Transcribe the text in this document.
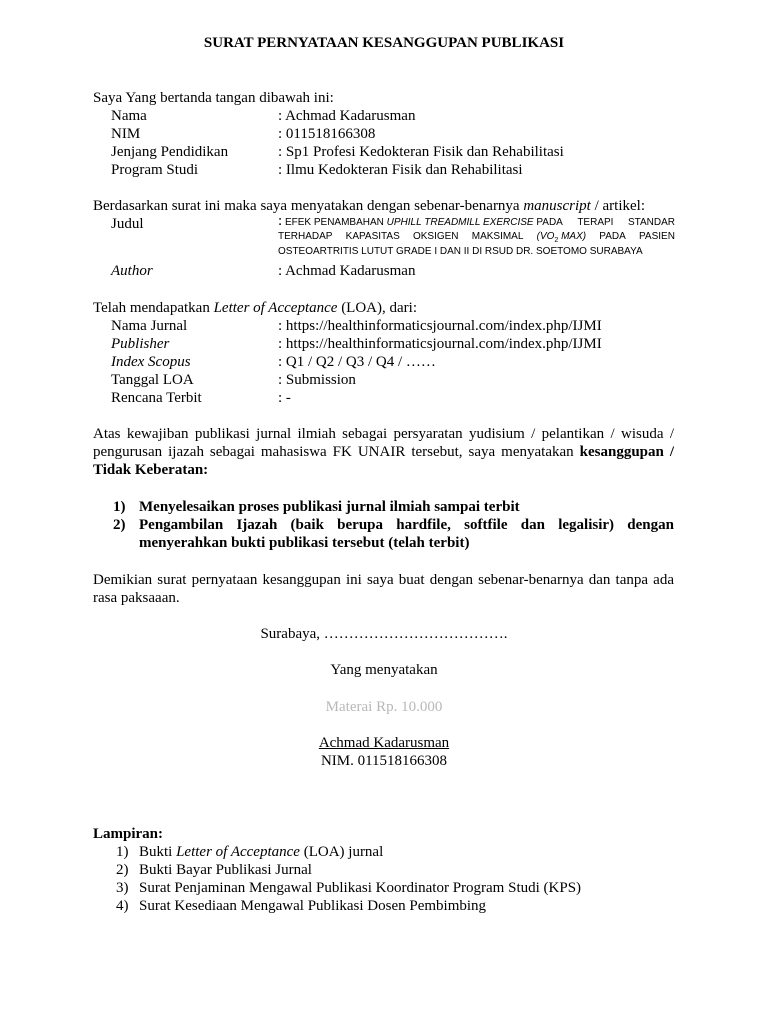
SURAT PERNYATAAN KESANGGUPAN PUBLIKASI
Saya Yang bertanda tangan dibawah ini:
Nama	: Achmad Kadarusman
NIM	: 011518166308
Jenjang Pendidikan	: Sp1 Profesi Kedokteran Fisik dan Rehabilitasi
Program Studi	: Ilmu Kedokteran Fisik dan Rehabilitasi
Berdasarkan surat ini maka saya menyatakan dengan sebenar-benarnya manuscript / artikel:
Judul	: EFEK PENAMBAHAN UPHILL TREADMILL EXERCISE PADA TERAPI STANDAR
TERHADAP KAPASITAS OKSIGEN MAKSIMAL ($VO_2$ MAX) PADA PASIEN
OSTEOARTRITIS LUTUT GRADE I DAN II DI RSUD DR. SOETOMO SURABAYA
Author	: Achmad Kadarusman
Telah mendapatkan Letter of Acceptance (LOA), dari:
Nama Jurnal	: https://healthinformaticsjournal.com/index.php/IJMI
Publisher	: https://healthinformaticsjournal.com/index.php/IJMI
Index Scopus	: Q1 / Q2 / Q3 / Q4 / ……
Tanggal LOA	: Submission
Rencana Terbit	: -
Atas kewajiban publikasi jurnal ilmiah sebagai persyaratan yudisium / pelantikan / wisuda / pengurusan ijazah sebagai mahasiswa FK UNAIR tersebut, saya menyatakan kesanggupan / Tidak Keberatan:
1) Menyelesaikan proses publikasi jurnal ilmiah sampai terbit
2) Pengambilan Ijazah (baik berupa hardfile, softfile dan legalisir) dengan menyerahkan bukti publikasi tersebut (telah terbit)
Demikian surat pernyataan kesanggupan ini saya buat dengan sebenar-benarnya dan tanpa ada rasa paksaaan.
Surabaya, ……………………………….
Yang menyatakan
Materai Rp. 10.000
Achmad Kadarusman
NIM. 011518166308
Lampiran:
1) Bukti Letter of Acceptance (LOA) jurnal
2) Bukti Bayar Publikasi Jurnal
3) Surat Penjaminan Mengawal Publikasi Koordinator Program Studi (KPS)
4) Surat Kesediaan Mengawal Publikasi Dosen Pembimbing
